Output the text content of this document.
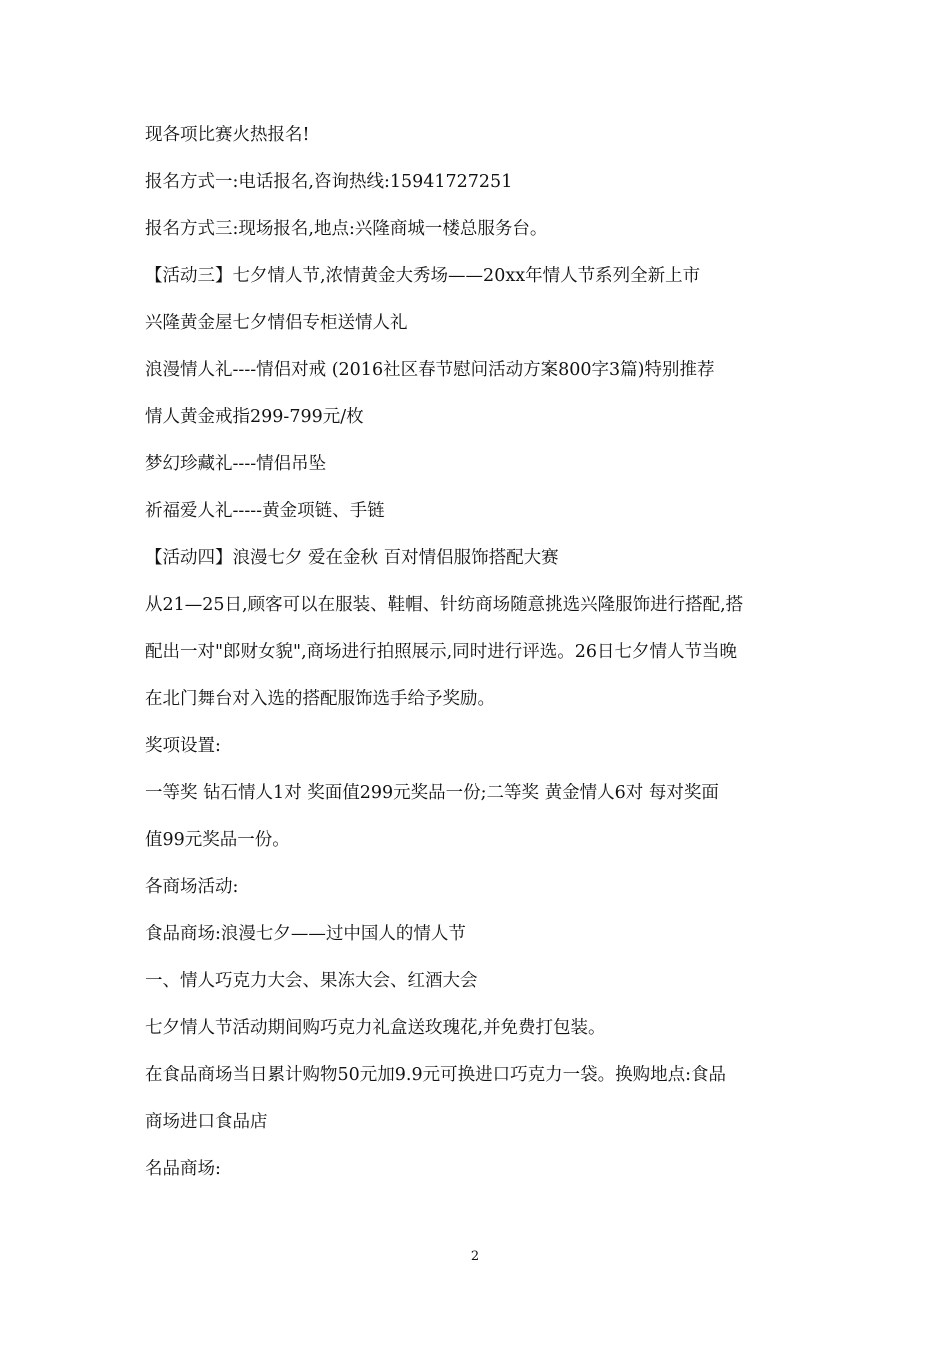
现各项比赛火热报名!

报名方式一:电话报名,咨询热线:15941727251

报名方式三:现场报名,地点:兴隆商城一楼总服务台。

【活动三】七夕情人节,浓情黄金大秀场——20xx年情人节系列全新上市

兴隆黄金屋七夕情侣专柜送情人礼

浪漫情人礼----情侣对戒 (2016社区春节慰问活动方案800字3篇)特别推荐

情人黄金戒指299-799元/枚

梦幻珍藏礼----情侣吊坠

祈福爱人礼-----黄金项链、手链

【活动四】浪漫七夕 爱在金秋 百对情侣服饰搭配大赛

从21—25日,顾客可以在服装、鞋帽、针纺商场随意挑选兴隆服饰进行搭配,搭

配出一对"郎财女貌",商场进行拍照展示,同时进行评选。26日七夕情人节当晚

在北门舞台对入选的搭配服饰选手给予奖励。

奖项设置:

一等奖 钻石情人1对 奖面值299元奖品一份;二等奖 黄金情人6对 每对奖面

值99元奖品一份。

各商场活动:

食品商场:浪漫七夕——过中国人的情人节

一、情人巧克力大会、果冻大会、红酒大会

七夕情人节活动期间购巧克力礼盒送玫瑰花,并免费打包装。

在食品商场当日累计购物50元加9.9元可换进口巧克力一袋。换购地点:食品

商场进口食品店

名品商场:

2
